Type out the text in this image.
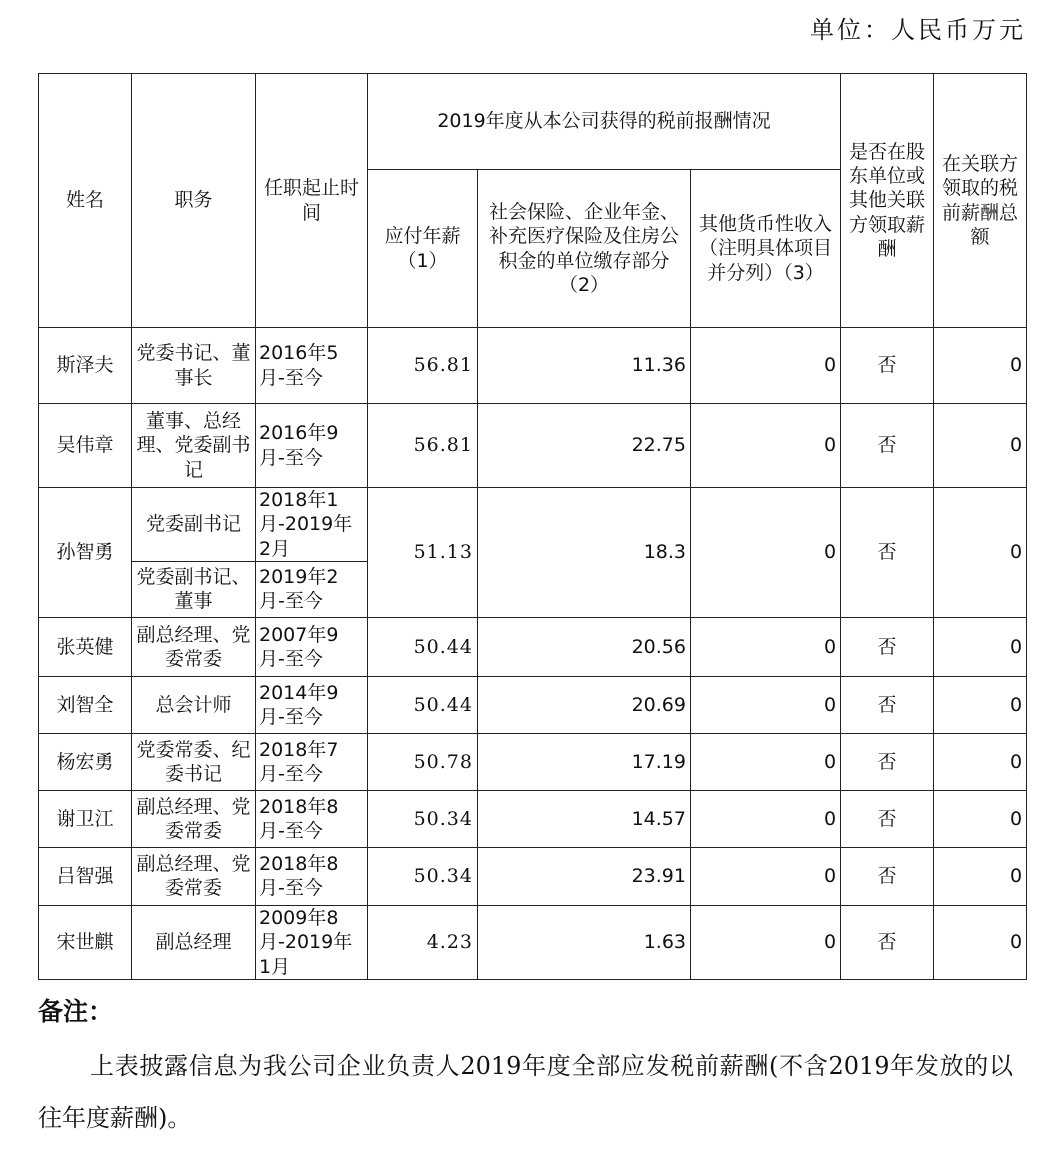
单位：人民币万元
姓名	职务	任职起止时间	2019年度从本公司获得的税前报酬情况			是否在股东单位或其他关联方领取薪酬	在关联方领取的税前薪酬总额
			应付年薪（1）	社会保险、企业年金、补充医疗保险及住房公积金的单位缴存部分（2）	其他货币性收入（注明具体项目并分列）（3）		
斯泽夫	党委书记、董事长	2016年5月-至今	56.81	11.36	0	否	0
吴伟章	董事、总经理、党委副书记	2016年9月-至今	56.81	22.75	0	否	0
孙智勇	党委副书记	2018年1月-2019年2月	51.13	18.3	0	否	0
	党委副书记、董事	2019年2月-至今					
张英健	副总经理、党委常委	2007年9月-至今	50.44	20.56	0	否	0
刘智全	总会计师	2014年9月-至今	50.44	20.69	0	否	0
杨宏勇	党委常委、纪委书记	2018年7月-至今	50.78	17.19	0	否	0
谢卫江	副总经理、党委常委	2018年8月-至今	50.34	14.57	0	否	0
吕智强	副总经理、党委常委	2018年8月-至今	50.34	23.91	0	否	0
宋世麒	副总经理	2009年8月-2019年1月	4.23	1.63	0	否	0
备注：
上表披露信息为我公司企业负责人2019年度全部应发税前薪酬(不含2019年发放的以往年度薪酬)。
